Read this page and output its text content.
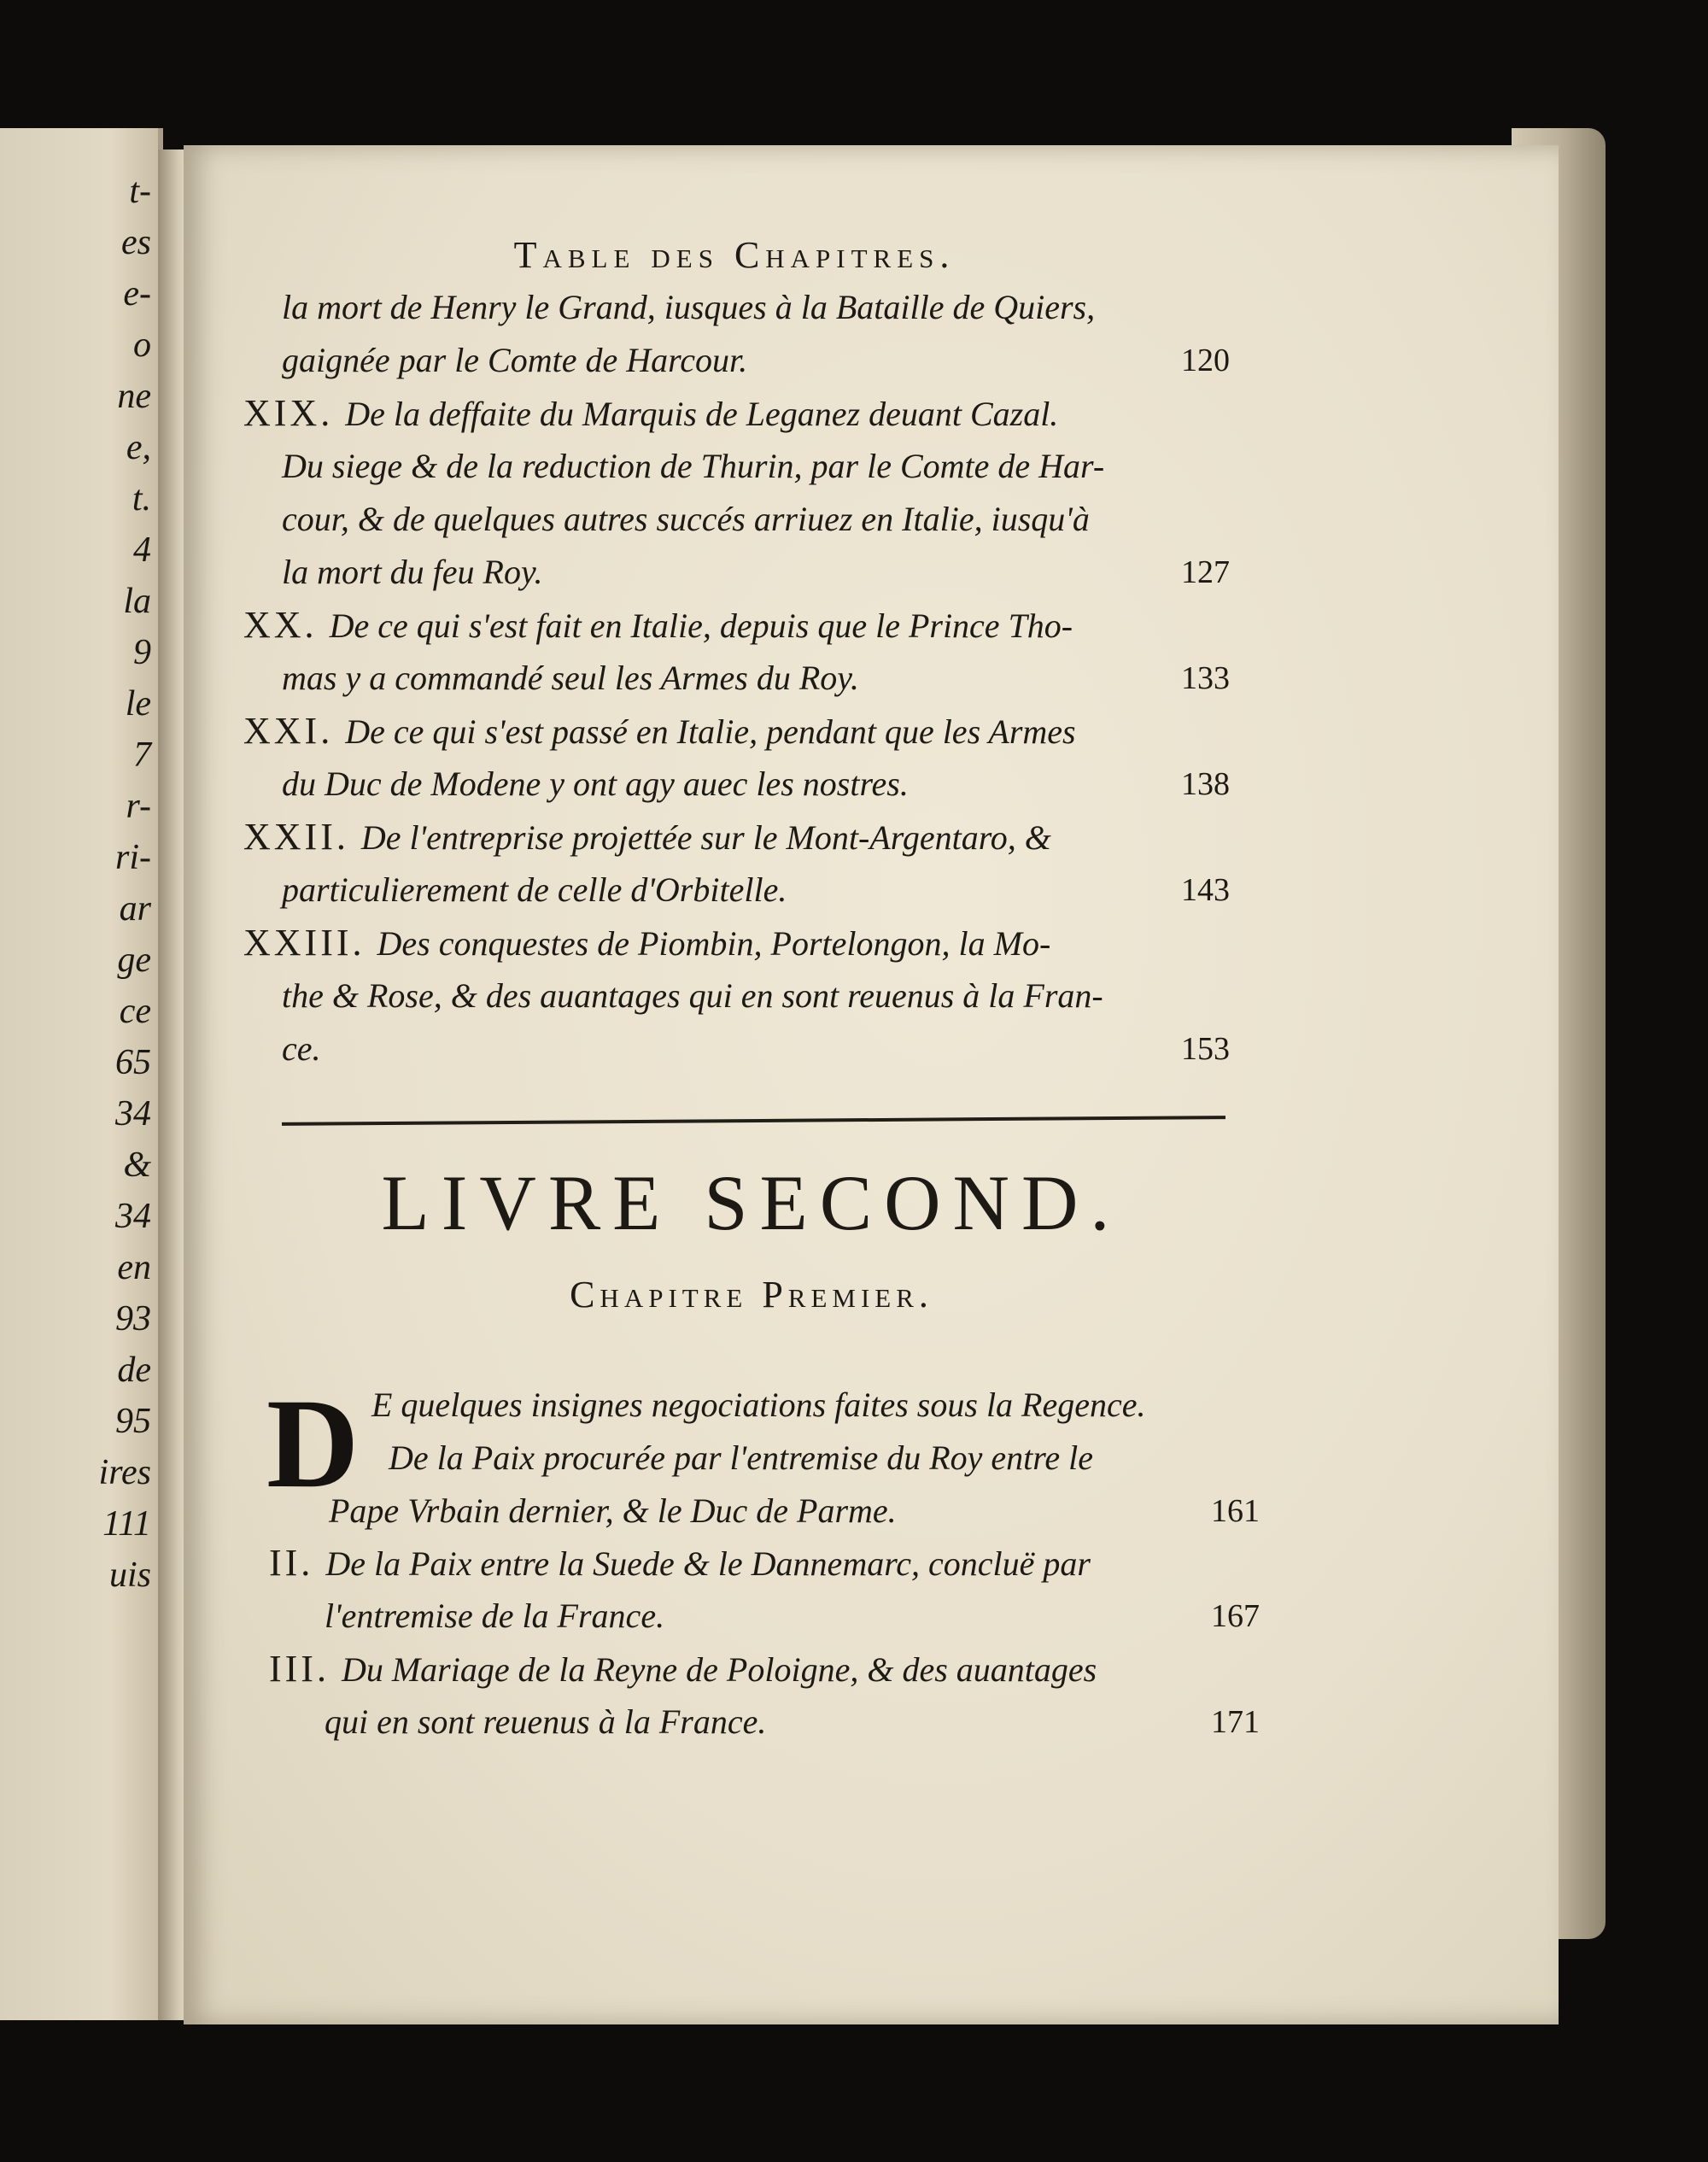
t-
es
e-
o
ne
e,
t.
4
la
9
le
7
r-
ri-
ar
ge
ce
65
34
&
34
en
93
de
95
ires
111
uis
Table des Chapitres.
la mort de Henry le Grand, iusques à la Bataille de Quiers,
gaignée par le Comte de Harcour.	120
XIX. De la deffaite du Marquis de Leganez deuant Cazal.
Du siege & de la reduction de Thurin, par le Comte de Har-
cour, & de quelques autres succés arriuez en Italie, iusqu'à
la mort du feu Roy.	127
XX. De ce qui s'est fait en Italie, depuis que le Prince Tho-
mas y a commandé seul les Armes du Roy.	133
XXI. De ce qui s'est passé en Italie, pendant que les Armes
du Duc de Modene y ont agy auec les nostres.	138
XXII. De l'entreprise projettée sur le Mont-Argentaro, &
particulierement de celle d'Orbitelle.	143
XXIII. Des conquestes de Piombin, Portelongon, la Mo-
the & Rose, & des auantages qui en sont reuenus à la Fran-
ce.	153
LIVRE SECOND.
Chapitre Premier.
D E quelques insignes negociations faites sous la Regence.
De la Paix procurée par l'entremise du Roy entre le
Pape Vrbain dernier, & le Duc de Parme.	161
II. De la Paix entre la Suede & le Dannemarc, concluë par
l'entremise de la France.	167
III. Du Mariage de la Reyne de Poloigne, & des auantages
qui en sont reuenus à la France.	171
